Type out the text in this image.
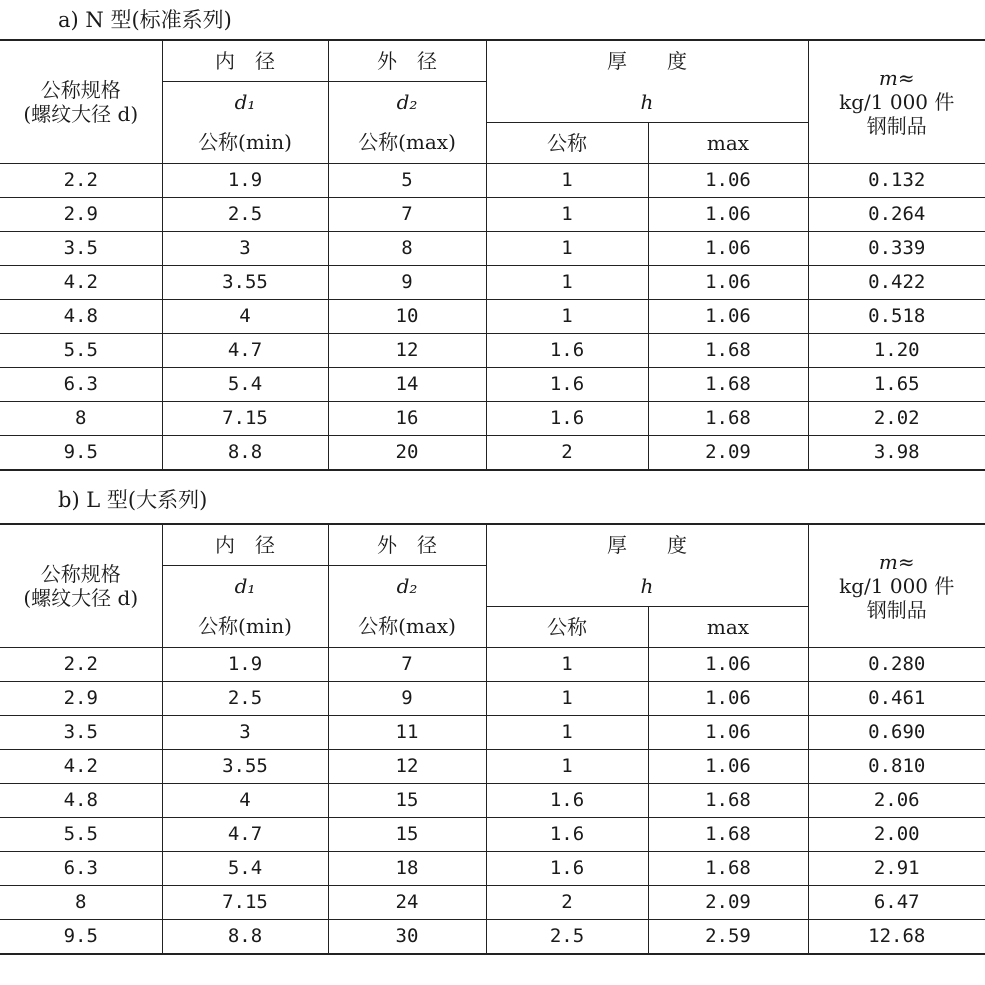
a) N 型(标准系列)
公称规格
(螺纹大径 d)	内　径	外　径	厚　　度		m≈
kg/1 000 件
钢制品

	d₁	d₂	h		
	公称(min)	公称(max)	公称	max	
2.2	1.9	5	1	1.06	0.132
2.9	2.5	7	1	1.06	0.264
3.5	3	8	1	1.06	0.339
4.2	3.55	9	1	1.06	0.422
4.8	4	10	1	1.06	0.518
5.5	4.7	12	1.6	1.68	1.20
6.3	5.4	14	1.6	1.68	1.65
8	7.15	16	1.6	1.68	2.02
9.5	8.8	20	2	2.09	3.98
b) L 型(大系列)
公称规格
(螺纹大径 d)	内　径	外　径	厚　　度		m≈
kg/1 000 件
钢制品

	d₁	d₂	h		
	公称(min)	公称(max)	公称	max	
2.2	1.9	7	1	1.06	0.280
2.9	2.5	9	1	1.06	0.461
3.5	3	11	1	1.06	0.690
4.2	3.55	12	1	1.06	0.810
4.8	4	15	1.6	1.68	2.06
5.5	4.7	15	1.6	1.68	2.00
6.3	5.4	18	1.6	1.68	2.91
8	7.15	24	2	2.09	6.47
9.5	8.8	30	2.5	2.59	12.68
